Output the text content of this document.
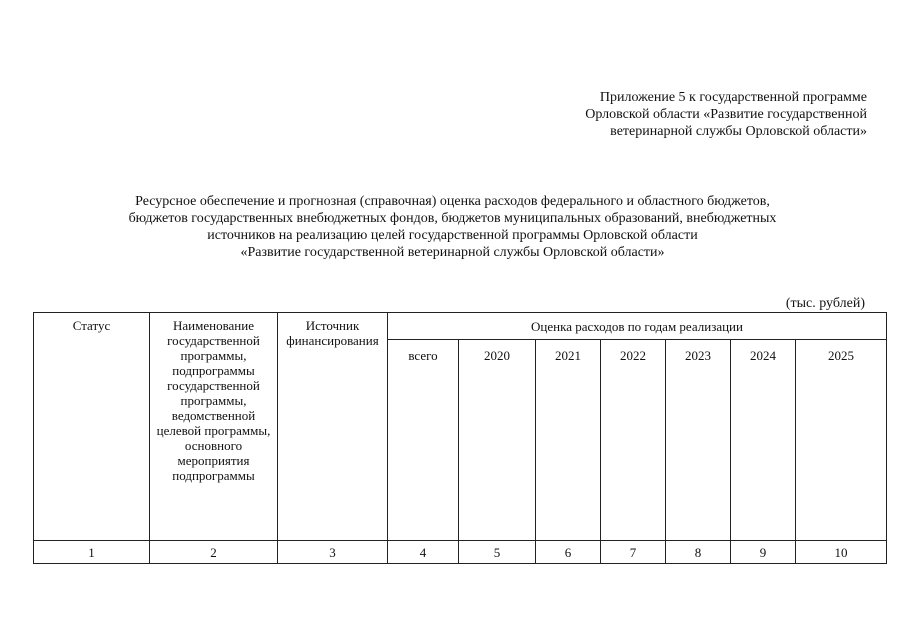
Приложение 5 к государственной программе
Орловской области «Развитие государственной
ветеринарной службы Орловской области»
Ресурсное обеспечение и прогнозная (справочная) оценка расходов федерального и областного бюджетов,
бюджетов государственных внебюджетных фондов, бюджетов муниципальных образований, внебюджетных
источников на реализацию целей государственной программы Орловской области
«Развитие государственной ветеринарной службы Орловской области»
(тыс. рублей)
Статус	Наименование государственной программы, подпрограммы государственной программы, ведомственной целевой программы, основного мероприятия подпрограммы	Источник финансирования	Оценка расходов по годам реализации						
			всего	2020	2021	2022	2023	2024	2025
1	2	3	4	5	6	7	8	9	10
